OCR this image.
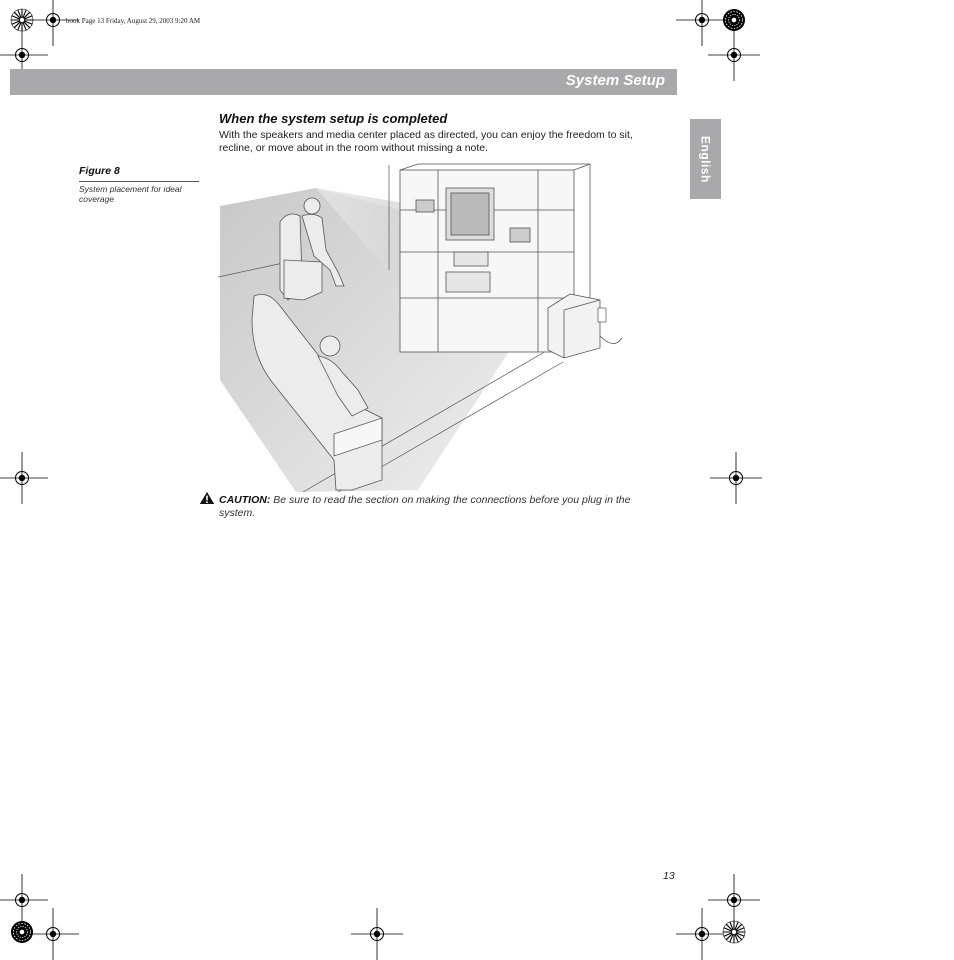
book Page 13 Friday, August 29, 2003 9:20 AM
System Setup
English
When the system setup is completed
With the speakers and media center placed as directed, you can enjoy the freedom to sit, recline, or move about in the room without missing a note.
Figure 8
System placement for ideal coverage
CAUTION: Be sure to read the section on making the connections before you plug in the system.
13
